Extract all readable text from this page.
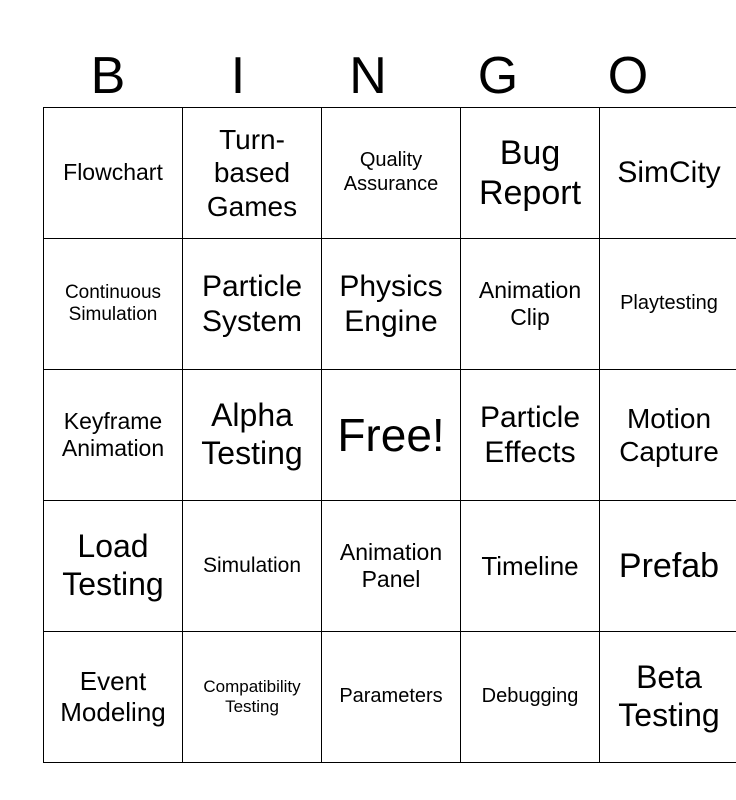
B	I	N	G	O
Flowchart	Turn-based Games	Quality Assurance	Bug Report	SimCity
Continuous Simulation	Particle System	Physics Engine	Animation Clip	Playtesting
Keyframe Animation	Alpha Testing	Free!	Particle Effects	Motion Capture
Load Testing	Simulation	Animation Panel	Timeline	Prefab
Event Modeling	Compatibility Testing	Parameters	Debugging	Beta Testing
